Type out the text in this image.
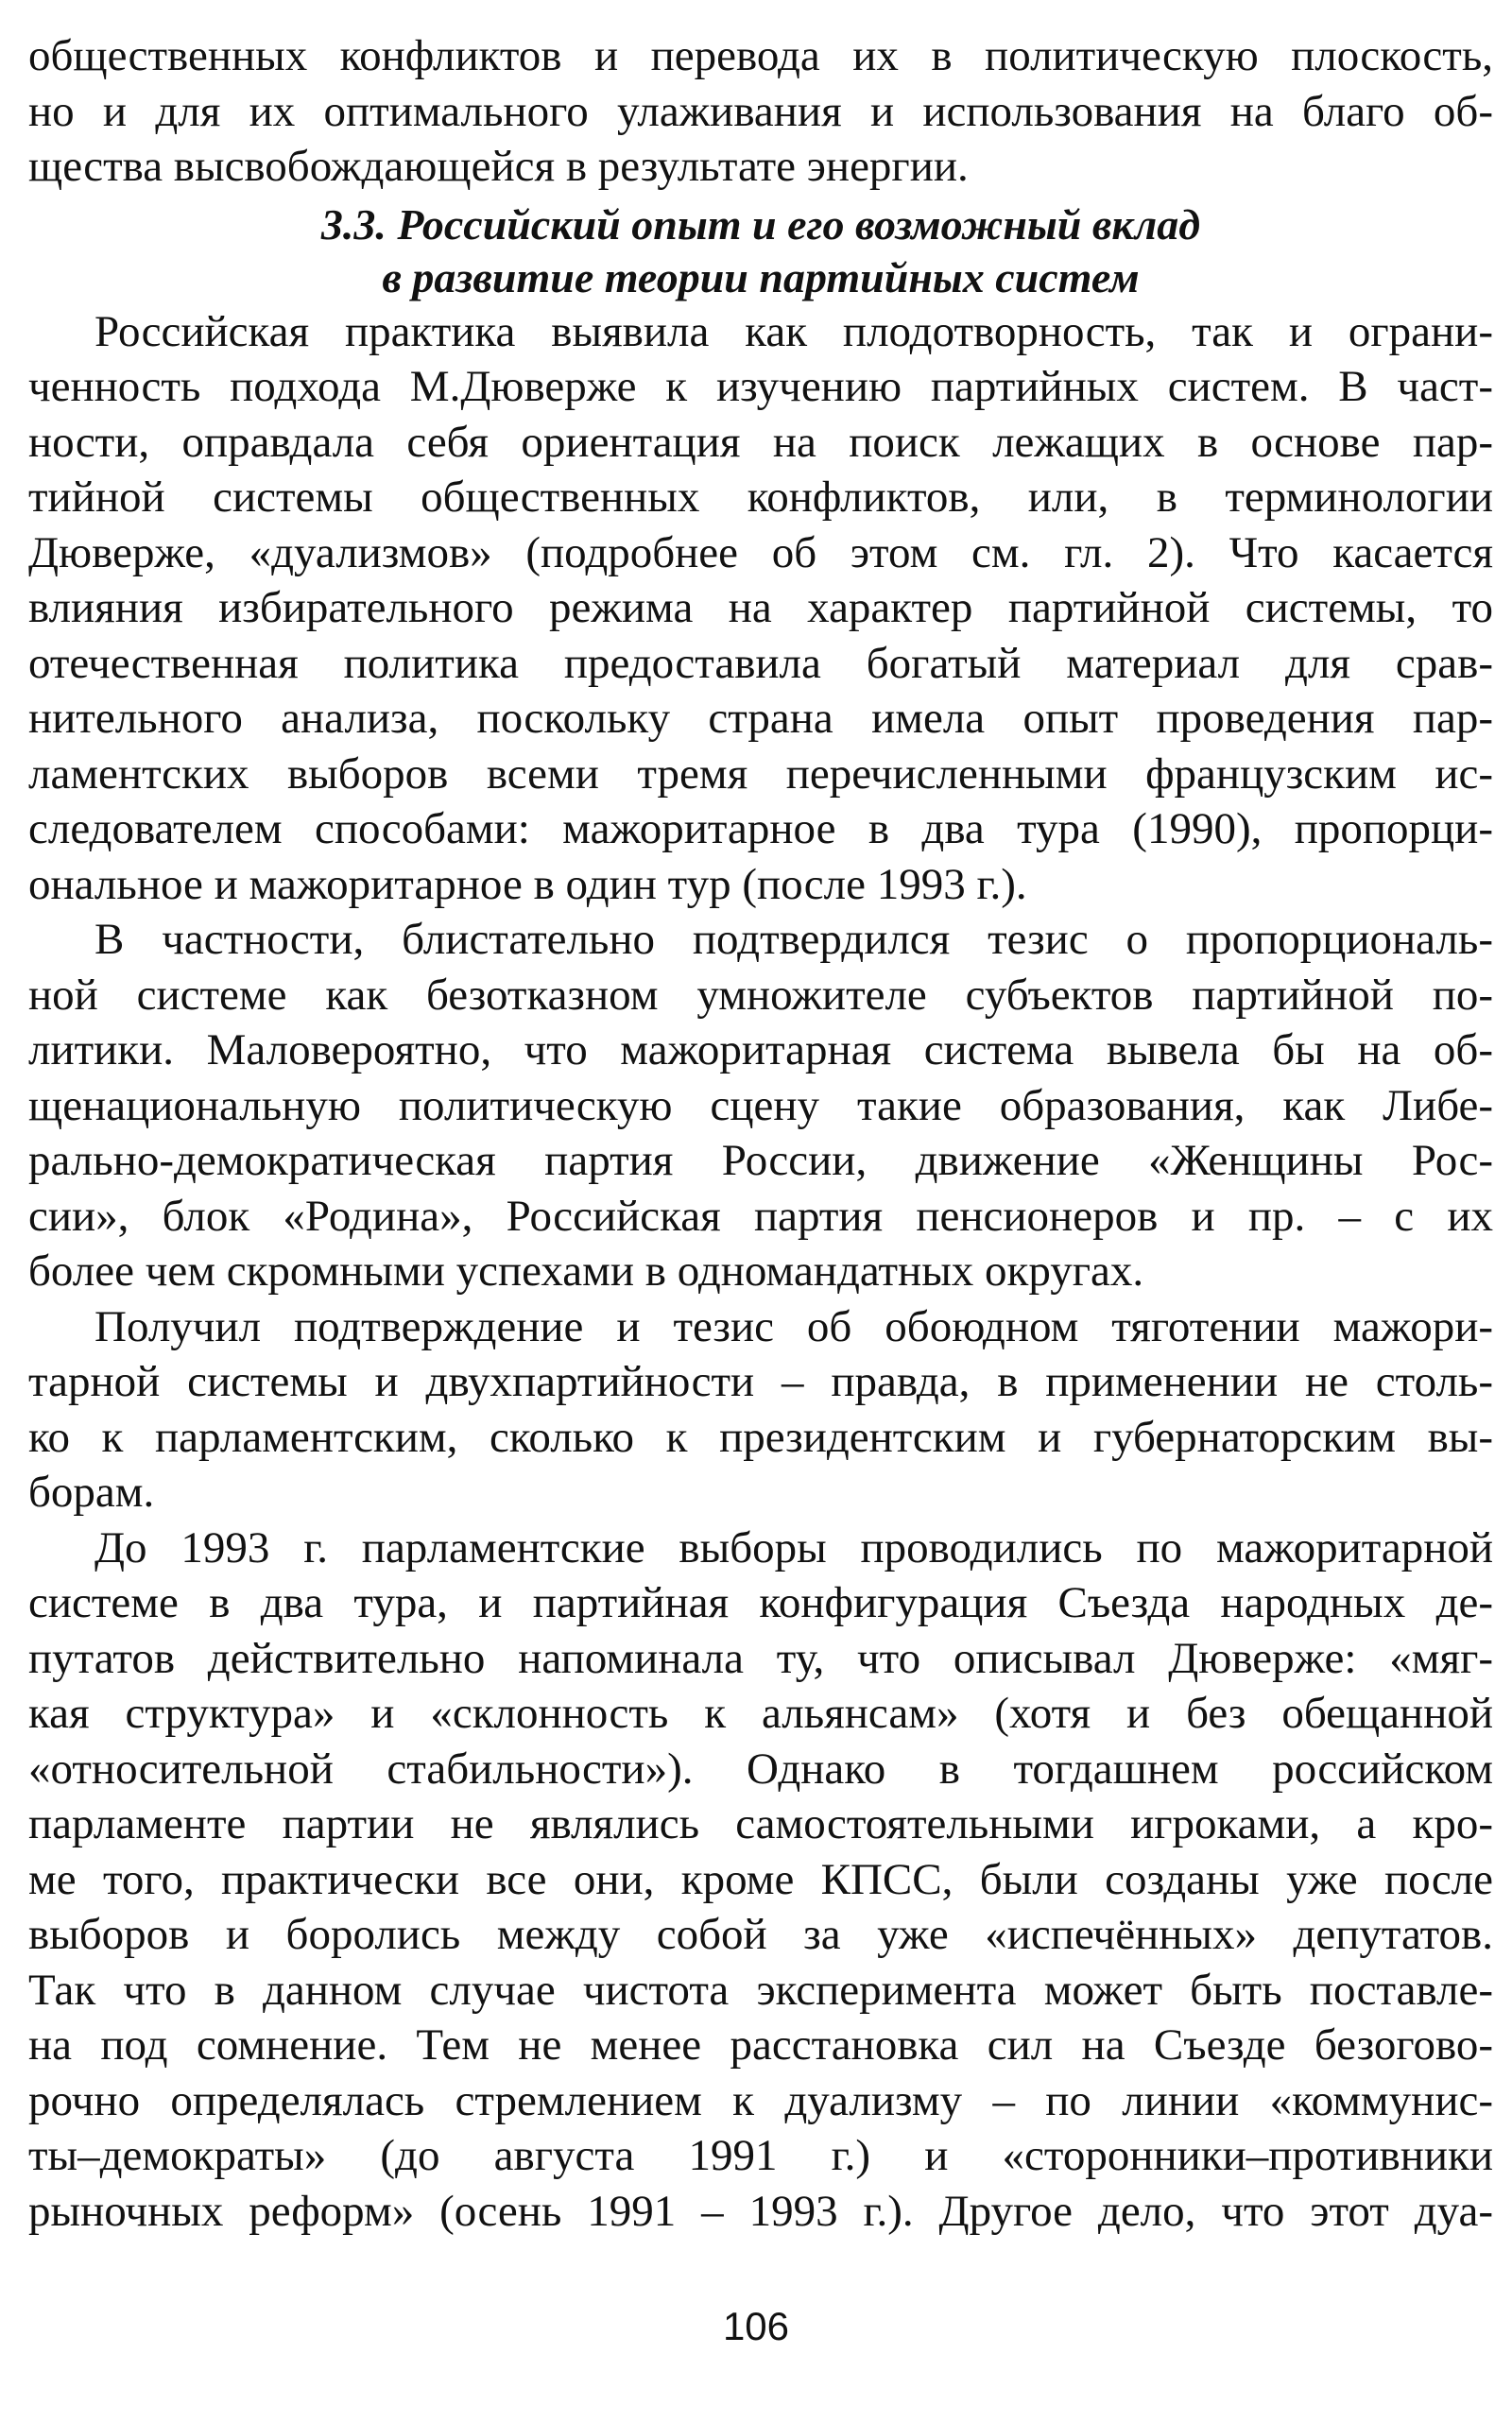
общественных конфликтов и перевода их в политическую плоскость,
но и для их оптимального улаживания и использования на благо об-
щества высвобождающейся в результате энергии.
3.3. Российский опыт и его возможный вклад
в развитие теории партийных систем
Российская практика выявила как плодотворность, так и ограни-
ченность подхода М.Дюверже к изучению партийных систем. В част-
ности, оправдала себя ориентация на поиск лежащих в основе пар-
тийной системы общественных конфликтов, или, в терминологии
Дюверже, «дуализмов» (подробнее об этом см. гл. 2). Что касается
влияния избирательного режима на характер партийной системы, то
отечественная политика предоставила богатый материал для срав-
нительного анализа, поскольку страна имела опыт проведения пар-
ламентских выборов всеми тремя перечисленными французским ис-
следователем способами: мажоритарное в два тура (1990), пропорци-
ональное и мажоритарное в один тур (после 1993 г.).
В частности, блистательно подтвердился тезис о пропорциональ-
ной системе как безотказном умножителе субъектов партийной по-
литики. Маловероятно, что мажоритарная система вывела бы на об-
щенациональную политическую сцену такие образования, как Либе-
рально-демократическая партия России, движение «Женщины Рос-
сии», блок «Родина», Российская партия пенсионеров и пр. – с их
более чем скромными успехами в одномандатных округах.
Получил подтверждение и тезис об обоюдном тяготении мажори-
тарной системы и двухпартийности – правда, в применении не столь-
ко к парламентским, сколько к президентским и губернаторским вы-
борам.
До 1993 г. парламентские выборы проводились по мажоритарной
системе в два тура, и партийная конфигурация Съезда народных де-
путатов действительно напоминала ту, что описывал Дюверже: «мяг-
кая структура» и «склонность к альянсам» (хотя и без обещанной
«относительной стабильности»). Однако в тогдашнем российском
парламенте партии не являлись самостоятельными игроками, а кро-
ме того, практически все они, кроме КПСС, были созданы уже после
выборов и боролись между собой за уже «испечённых» депутатов.
Так что в данном случае чистота эксперимента может быть поставле-
на под сомнение. Тем не менее расстановка сил на Съезде безогово-
рочно определялась стремлением к дуализму – по линии «коммунис-
ты–демократы» (до августа 1991 г.) и «сторонники–противники
рыночных реформ» (осень 1991 – 1993 г.). Другое дело, что этот дуа-
106
